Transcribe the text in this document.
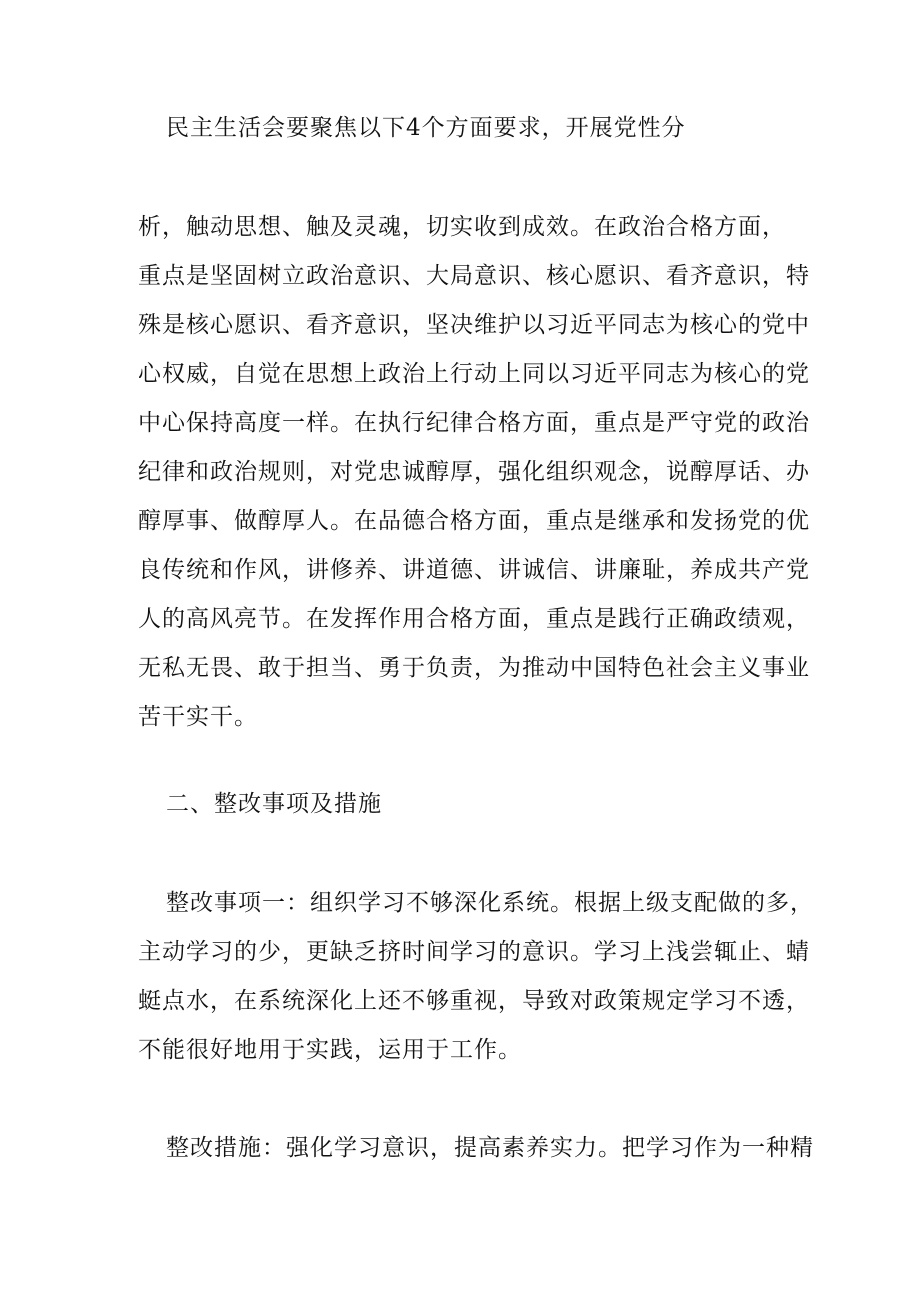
民主生活会要聚焦以下4个方面要求，开展党性分
析，触动思想、触及灵魂，切实收到成效。在政治合格方面，
重点是坚固树立政治意识、大局意识、核心愿识、看齐意识，特
殊是核心愿识、看齐意识，坚决维护以习近平同志为核心的党中
心权威，自觉在思想上政治上行动上同以习近平同志为核心的党
中心保持高度一样。在执行纪律合格方面，重点是严守党的政治
纪律和政治规则，对党忠诚醇厚，强化组织观念，说醇厚话、办
醇厚事、做醇厚人。在品德合格方面，重点是继承和发扬党的优
良传统和作风，讲修养、讲道德、讲诚信、讲廉耻，养成共产党
人的高风亮节。在发挥作用合格方面，重点是践行正确政绩观，
无私无畏、敢于担当、勇于负责，为推动中国特色社会主义事业
苦干实干。
二、整改事项及措施
整改事项一：组织学习不够深化系统。根据上级支配做的多，
主动学习的少，更缺乏挤时间学习的意识。学习上浅尝辄止、蜻
蜓点水，在系统深化上还不够重视，导致对政策规定学习不透，
不能很好地用于实践，运用于工作。
整改措施：强化学习意识，提高素养实力。把学习作为一种精
